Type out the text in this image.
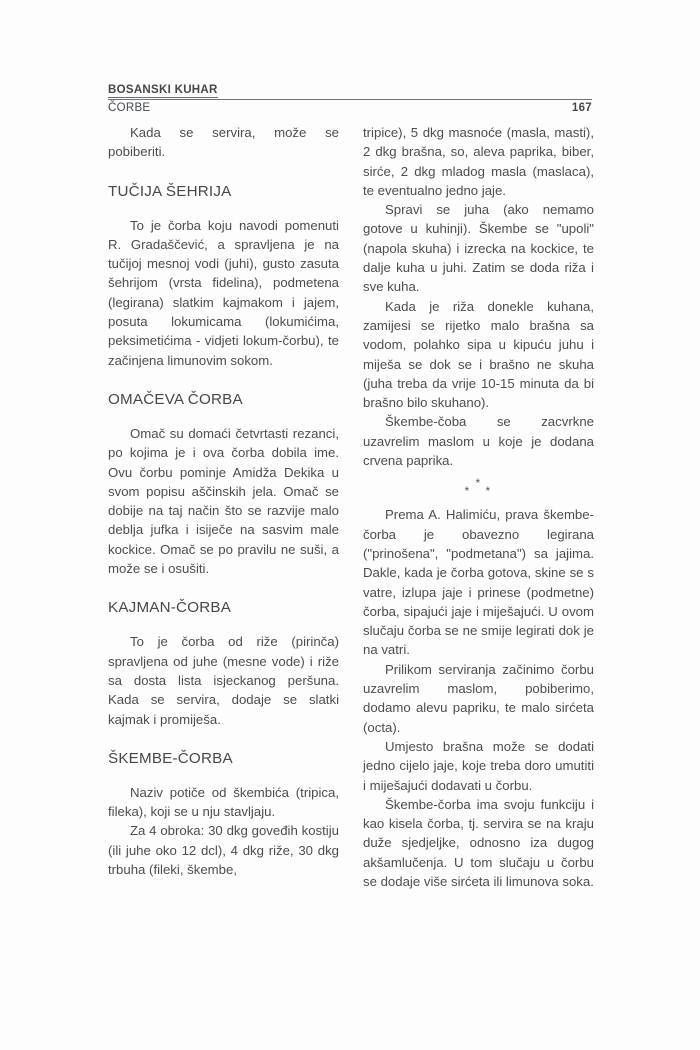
BOSANSKI KUHAR
ČORBE	167

Kada se servira, može se pobiberiti.

TUČIJA ŠEHRIJA

To je čorba koju navodi pomenuti R. Gradaščević, a spravljena je na tučijoj mesnoj vodi (juhi), gusto zasuta šehrijom (vrsta fidelina), podmetena (legirana) slatkim kajmakom i jajem, posuta lokumicama (lokumićima, peksimetićima - vidjeti lokum-čorbu), te začinjena limunovim sokom.

OMAČEVA ČORBA

Omač su domaći četvrtasti rezanci, po kojima je i ova čorba dobila ime. Ovu čorbu pominje Amidža Dekika u svom popisu aščinskih jela. Omač se dobije na taj način što se razvije malo deblja jufka i isiječe na sasvim male kockice. Omač se po pravilu ne suši, a može se i osušiti.

KAJMAN-ČORBA

To je čorba od riže (pirinča) spravljena od juhe (mesne vode) i riže sa dosta lista isjeckanog peršuna. Kada se servira, dodaje se slatki kajmak i promiješa.

ŠKEMBE-ČORBA

Naziv potiče od škembića (tripica, fileka), koji se u nju stavljaju.

Za 4 obroka: 30 dkg goveđih kostiju (ili juhe oko 12 dcl), 4 dkg riže, 30 dkg trbuha (fileki, škembe,

tripice), 5 dkg masnoće (masla, masti), 2 dkg brašna, so, aleva paprika, biber, sirće, 2 dkg mladog masla (maslaca), te eventualno jedno jaje.

Spravi se juha (ako nemamo gotove u kuhinji). Škembe se "upoli" (napola skuha) i izrecka na kockice, te dalje kuha u juhi. Zatim se doda riža i sve kuha.

Kada je riža donekle kuhana, zamijesi se rijetko malo brašna sa vodom, polahko sipa u kipuću juhu i miješa se dok se i brašno ne skuha (juha treba da vrije 10-15 minuta da bi brašno bilo skuhano).

Škembe-čoba se zacvrkne uzavrelim maslom u koje je dodana crvena paprika.

*
* *

Prema A. Halimiću, prava škembe-čorba je obavezno legirana ("prinošena", "podmetana") sa jajima. Dakle, kada je čorba gotova, skine se s vatre, izlupa jaje i prinese (podmetne) čorba, sipajući jaje i miješajući. U ovom slučaju čorba se ne smije legirati dok je na vatri.

Prilikom serviranja začinimo čorbu uzavrelim maslom, pobiberimo, dodamo alevu papriku, te malo sirćeta (octa).

Umjesto brašna može se dodati jedno cijelo jaje, koje treba doro umutiti i miješajući dodavati u čorbu.

Škembe-čorba ima svoju funkciju i kao kisela čorba, tj. servira se na kraju duže sjedjeljke, odnosno iza dugog akšamlučenja. U tom slučaju u čorbu se dodaje više sirćeta ili limunova soka.
